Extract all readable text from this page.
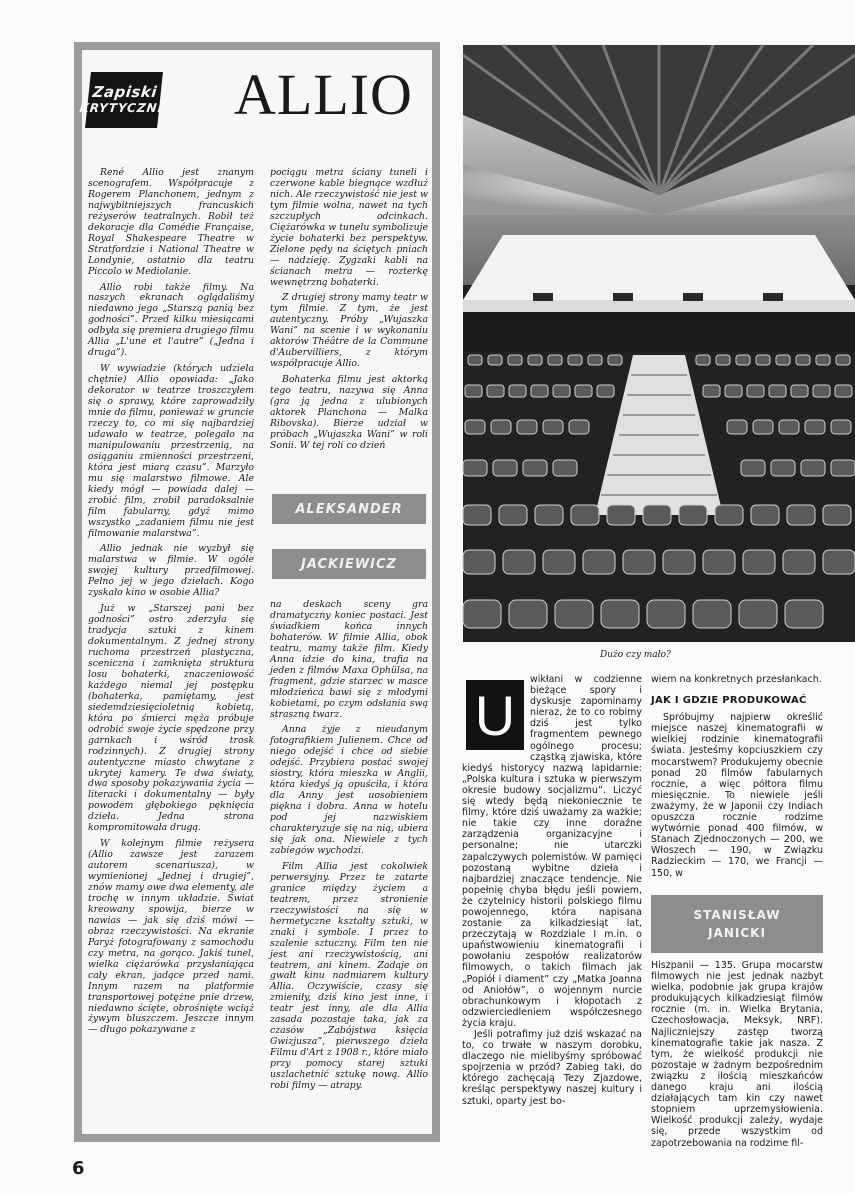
Zapiski
KRYTYCZNE ALLIO

René Allio jest znanym scenografem. Współpracuje z Rogerem Planchonem, jednym z najwybitniejszych francuskich reżyserów teatralnych. Robił też dekoracje dla Comédie Française, Royal Shakespeare Theatre w Stratfordzie i National Theatre w Londynie, ostatnio dla teatru Piccolo w Mediolanie.

Allio robi także filmy. Na naszych ekranach oglądaliśmy niedawno jego „Starszą panią bez godności”. Przed kilku miesiącami odbyła się premiera drugiego filmu Allia „L'une et l'autre” („Jedna i druga”).

W wywiadzie (których udziela chętnie) Allio opowiada: „Jako dekorator w teatrze troszczyłem się o sprawy, które zaprowadziły mnie do filmu, ponieważ w gruncie rzeczy to, co mi się najbardziej udawało w teatrze, polegało na manipulowaniu przestrzenią, na osiąganiu zmienności przestrzeni, która jest miarą czasu”. Marzyło mu się malarstwo filmowe. Ale kiedy mógł — powiada dalej — zrobić film, zrobił paradoksalnie film fabularny, gdyż mimo wszystko „zadaniem filmu nie jest filmowanie malarstwa”.

Allio jednak nie wyzbył się malarstwa w filmie. W ogóle swojej kultury przedfilmowej. Pełno jej w jego dziełach. Kogo zyskało kino w osobie Allia?

Już w „Starszej pani bez godności” ostro zderzyła się tradycja sztuki z kinem dokumentalnym. Z jednej strony ruchoma przestrzeń plastyczna, sceniczna i zamknięta struktura losu bohaterki, znaczeniowość każdego niemal jej postępku (bohaterka, pamiętamy, jest siedemdziesięcioletnią kobietą, która po śmierci męża próbuje odrobić swoje życie spędzone przy garnkach i wśród trosk rodzinnych). Z drugiej strony autentyczne miasto chwytane z ukrytej kamery. Te dwa światy, dwa sposoby pokazywania życia — literacki i dokumentalny — były powodem głębokiego pęknięcia dzieła. Jedna strona kompromitowała drugą.

W kolejnym filmie reżysera (Allio zawsze jest zarazem autorem scenariusza), w wymienionej „Jednej i drugiej”, znów mamy owe dwa elementy, ale trochę w innym układzie. Świat kreowany spowija, bierze w nawias — jak się dziś mówi — obraz rzeczywistości. Na ekranie Paryż fotografowany z samochodu czy metra, na gorąco. Jakiś tunel, wielka ciężarówka przysłaniająca cały ekran, jadące przed nami. Innym razem na platformie transportowej potężne pnie drzew, niedawno ścięte, obrośnięte wciąż żywym bluszczem. Jeszcze innym — długo pokazywane z

pociągu metra ściany tuneli i czerwone kable biegnące wzdłuż nich. Ale rzeczywistość nie jest w tym filmie wolna, nawet na tych szczupłych odcinkach. Ciężarówka w tunelu symbolizuje życie bohaterki bez perspektyw. Zielone pędy na ściętych pniach — nadzieję. Zygzaki kabli na ścianach metra — rozterkę wewnętrzną bohaterki.

Z drugiej strony mamy teatr w tym filmie. Z tym, że jest autentyczny. Próby „Wujaszka Wani” na scenie i w wykonaniu aktorów Théâtre de la Commune d'Aubervilliers, z którym współpracuje Allio.

Bohaterka filmu jest aktorką tego teatru, nazywa się Anna (gra ją jedna z ulubionych aktorek Planchona — Malka Ribovska). Bierze udział w próbach „Wujaszka Wani” w roli Sonii. W tej roli co dzień

ALEKSANDER
JACKIEWICZ

na deskach sceny gra dramatyczny koniec postaci. Jest świadkiem końca innych bohaterów. W filmie Allia, obok teatru, mamy także film. Kiedy Anna idzie do kina, trafia na jeden z filmów Maxa Ophülsa, na fragment, gdzie starzec w masce młodzieńca bawi się z młodymi kobietami, po czym odsłania swą straszną twarz.

Anna żyje z nieudanym fotografikiem Julienem. Chce od niego odejść i chce od siebie odejść. Przybiera postać swojej siostry, która mieszka w Anglii, która kiedyś ją opuściła, i która dla Anny jest uosobieniem piękna i dobra. Anna w hotelu pod jej nazwiskiem charakteryzuje się na nią, ubiera się jak ona. Niewiele z tych zabiegów wychodzi.

Film Allia jest cokolwiek perwersyjny. Przez te zatarte granice między życiem a teatrem, przez stronienie rzeczywistości na się w hermetyczne kształty sztuki, w znaki i symbole. I przez to szalenie sztuczny. Film ten nie jest ani rzeczywistością, ani teatrem, ani kinem. Zadaje on gwałt kinu nadmiarem kultury Allia. Oczywiście, czasy się zmieniły, dziś kino jest inne, i teatr jest inny, ale dla Allia zasada pozostaje taka, jak za czasów „Zabójstwa księcia Gwizjusza”, pierwszego dzieła Filmu d'Art z 1908 r., które miało przy pomocy starej sztuki uszlachetnić sztukę nową. Allio robi filmy — atrapy.

Dużo czy mało?
U

wikłani w codzienne bieżące spory i dyskusje zapominamy nieraz, że to co robimy dziś jest tylko fragmentem pewnego ogólnego procesu; cząstką zjawiska, które kiedyś historycy nazwą lapidarnie: „Polska kultura i sztuka w pierwszym okresie budowy socjalizmu”. Liczyć się wtedy będą niekoniecznie te filmy, które dziś uważamy za ważkie; nie takie czy inne doraźne zarządzenia organizacyjne i personalne; nie utarczki zapalczywych polemistów. W pamięci pozostaną wybitne dzieła i najbardziej znaczące tendencje. Nie popełnię chyba błędu jeśli powiem, że czytelnicy historii polskiego filmu powojennego, która napisana zostanie za kilkadziesiąt lat, przeczytają w Rozdziale I m.in. o upaństwowieniu kinematografii i powołaniu zespołów realizatorów filmowych, o takich filmach jak „Popiół i diament” czy „Matka Joanna od Aniołów”, o wojennym nurcie obrachunkowym i kłopotach z odzwierciedleniem współczesnego życia kraju.

Jeśli potrafimy już dziś wskazać na to, co trwałe w naszym dorobku, dlaczego nie mielibyśmy spróbować spojrzenia w przód? Zabieg taki, do którego zachęcają Tezy Zjazdowe, kreśląc perspektywy naszej kultury i sztuki, oparty jest bo-

wiem na konkretnych przesłankach.

JAK I GDZIE PRODUKOWAĆ

Spróbujmy najpierw określić miejsce naszej kinematografii w wielkiej rodzinie kinematografii świata. Jesteśmy kopciuszkiem czy mocarstwem? Produkujemy obecnie ponad 20 filmów fabularnych rocznie, a więc półtora filmu miesięcznie. To niewiele jeśli zważymy, że w Japonii czy Indiach opuszcza rocznie rodzime wytwórnie ponad 400 filmów, w Stanach Zjednoczonych — 200, we Włoszech — 190, w Związku Radzieckim — 170, we Francji — 150, w

STANISŁAW
JANICKI

Hiszpanii — 135. Grupa mocarstw filmowych nie jest jednak nazbyt wielka, podobnie jak grupa krajów produkujących kilkadziesiąt filmów rocznie (m. in. Wielka Brytania, Czechosłowacja, Meksyk, NRF). Najliczniejszy zastęp tworzą kinematografie takie jak nasza. Z tym, że wielkość produkcji nie pozostaje w żadnym bezpośrednim związku z ilością mieszkańców danego kraju ani ilością działających tam kin czy nawet stopniem uprzemysłowienia. Wielkość produkcji zależy, wydaje się, przede wszystkim od zapotrzebowania na rodzime fil-

6
